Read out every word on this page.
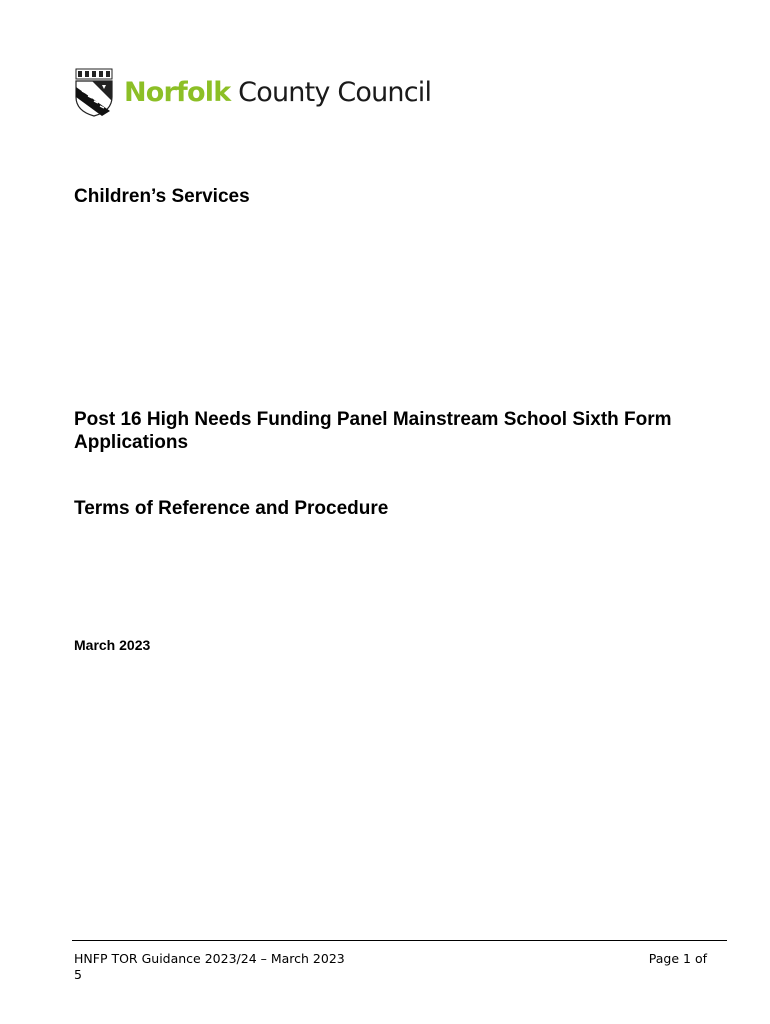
Norfolk County Council
Children’s Services
Post 16 High Needs Funding Panel Mainstream School Sixth Form Applications
Terms of Reference and Procedure

March 2023

HNFP TOR Guidance 2023/24 – March 2023	Page 1 of
5
